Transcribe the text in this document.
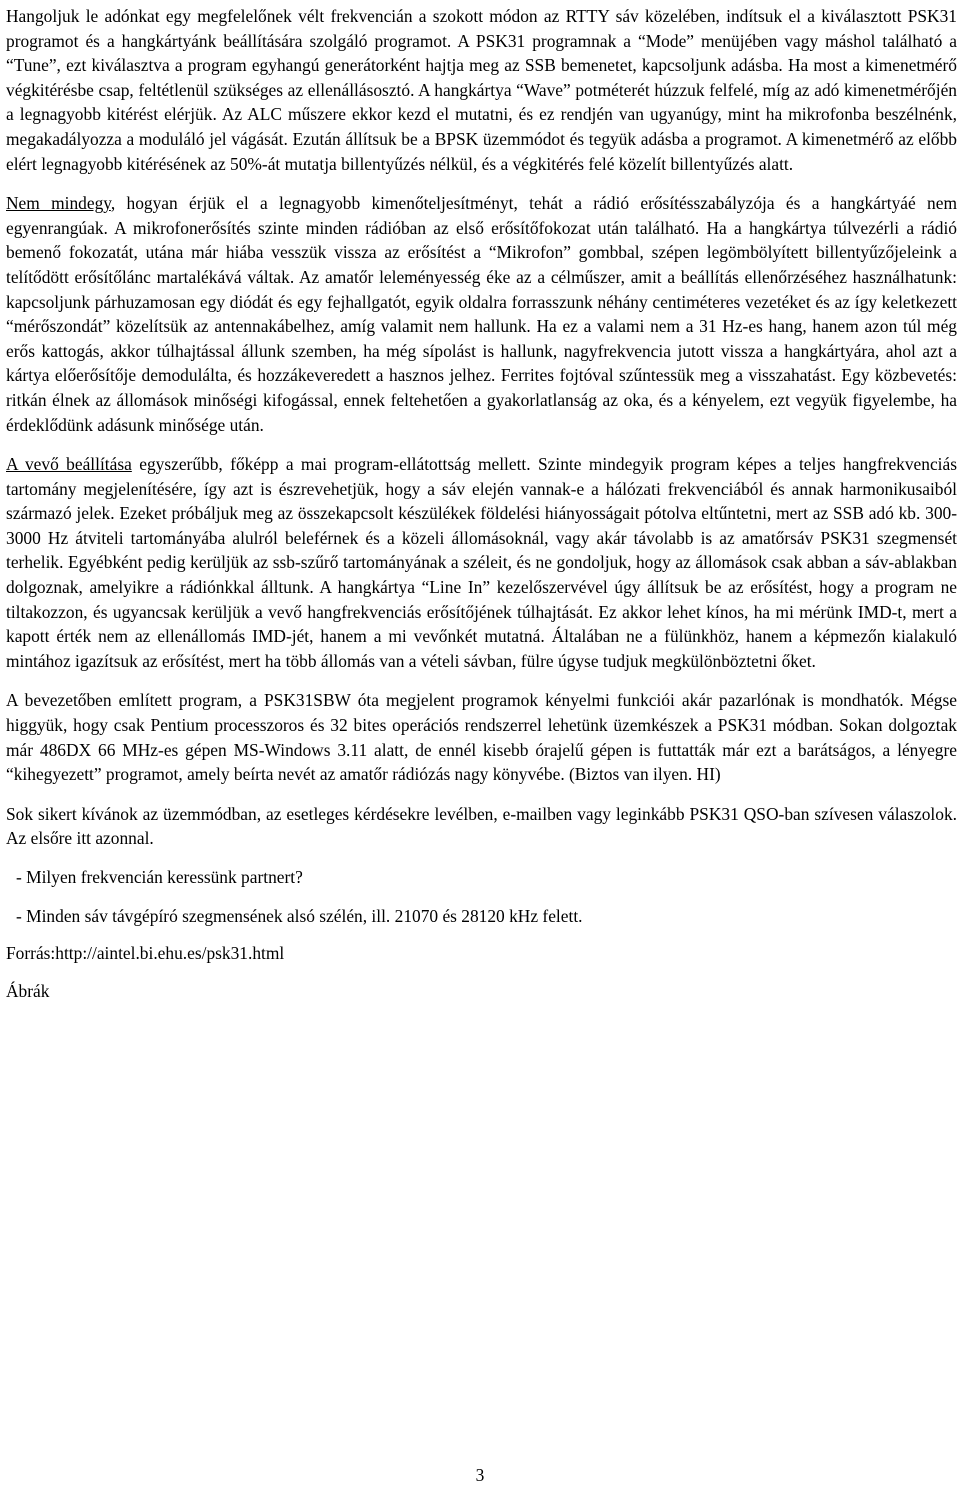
Hangoljuk le adónkat egy megfelelőnek vélt frekvencián a szokott módon az RTTY sáv közelében, indítsuk el a kiválasztott PSK31 programot és a hangkártyánk beállítására szolgáló programot. A PSK31 programnak a “Mode” menüjében vagy máshol található a “Tune”, ezt kiválasztva a program egyhangú generátorként hajtja meg az SSB bemenetet, kapcsoljunk adásba. Ha most a kimenetmérő végkitérésbe csap, feltétlenül szükséges az ellenállásosztó. A hangkártya “Wave” potméterét húzzuk felfelé, míg az adó kimenetmérőjén a legnagyobb kitérést elérjük. Az ALC műszere ekkor kezd el mutatni, és ez rendjén van ugyanúgy, mint ha mikrofonba beszélnénk, megakadályozza a moduláló jel vágását. Ezután állítsuk be a BPSK üzemmódot és tegyük adásba a programot. A kimenetmérő az előbb elért legnagyobb kitérésének az 50%-át mutatja billentyűzés nélkül, és a végkitérés felé közelít billentyűzés alatt.

Nem mindegy, hogyan érjük el a legnagyobb kimenőteljesítményt, tehát a rádió erősítésszabályzója és a hangkártyáé nem egyenrangúak. A mikrofonerősítés szinte minden rádióban az első erősítőfokozat után található. Ha a hangkártya túlvezérli a rádió bemenő fokozatát, utána már hiába vesszük vissza az erősítést a “Mikrofon” gombbal, szépen legömbölyített billentyűzőjeleink a telítődött erősítőlánc martalékává váltak. Az amatőr leleményesség éke az a célműszer, amit a beállítás ellenőrzéséhez használhatunk: kapcsoljunk párhuzamosan egy diódát és egy fejhallgatót, egyik oldalra forrasszunk néhány centiméteres vezetéket és az így keletkezett “mérőszondát” közelítsük az antennakábelhez, amíg valamit nem hallunk. Ha ez a valami nem a 31 Hz-es hang, hanem azon túl még erős kattogás, akkor túlhajtással állunk szemben, ha még sípolást is hallunk, nagyfrekvencia jutott vissza a hangkártyára, ahol azt a kártya előerősítője demodulálta, és hozzákeveredett a hasznos jelhez. Ferrites fojtóval szűntessük meg a visszahatást. Egy közbevetés: ritkán élnek az állomások minőségi kifogással, ennek feltehetően a gyakorlatlanság az oka, és a kényelem, ezt vegyük figyelembe, ha érdeklődünk adásunk minősége után.

A vevő beállítása egyszerűbb, főképp a mai program-ellátottság mellett. Szinte mindegyik program képes a teljes hangfrekvenciás tartomány megjelenítésére, így azt is észrevehetjük, hogy a sáv elején vannak-e a hálózati frekvenciából és annak harmonikusaiból származó jelek. Ezeket próbáljuk meg az összekapcsolt készülékek földelési hiányosságait pótolva eltűntetni, mert az SSB adó kb. 300-3000 Hz átviteli tartományába alulról beleférnek és a közeli állomásoknál, vagy akár távolabb is az amatőrsáv PSK31 szegmensét terhelik. Egyébként pedig kerüljük az ssb-szűrő tartományának a széleit, és ne gondoljuk, hogy az állomások csak abban a sáv-ablakban dolgoznak, amelyikre a rádiónkkal álltunk. A hangkártya “Line In” kezelőszervével úgy állítsuk be az erősítést, hogy a program ne tiltakozzon, és ugyancsak kerüljük a vevő hangfrekvenciás erősítőjének túlhajtását. Ez akkor lehet kínos, ha mi mérünk IMD-t, mert a kapott érték nem az ellenállomás IMD-jét, hanem a mi vevőnkét mutatná. Általában ne a fülünkhöz, hanem a képmezőn kialakuló mintához igazítsuk az erősítést, mert ha több állomás van a vételi sávban, fülre úgyse tudjuk megkülönböztetni őket.

A bevezetőben említett program, a PSK31SBW óta megjelent programok kényelmi funkciói akár pazarlónak is mondhatók. Mégse higgyük, hogy csak Pentium processzoros és 32 bites operációs rendszerrel lehetünk üzemkészek a PSK31 módban. Sokan dolgoztak már 486DX 66 MHz-es gépen MS-Windows 3.11 alatt, de ennél kisebb órajelű gépen is futtatták már ezt a barátságos, a lényegre “kihegyezett” programot, amely beírta nevét az amatőr rádiózás nagy könyvébe. (Biztos van ilyen. HI)

Sok sikert kívánok az üzemmódban, az esetleges kérdésekre levélben, e-mailben vagy leginkább PSK31 QSO-ban szívesen válaszolok. Az elsőre itt azonnal.

- Milyen frekvencián keressünk partnert?

- Minden sáv távgépíró szegmensének alsó szélén, ill. 21070 és 28120 kHz felett.

Forrás:http://aintel.bi.ehu.es/psk31.html

Ábrák

3
